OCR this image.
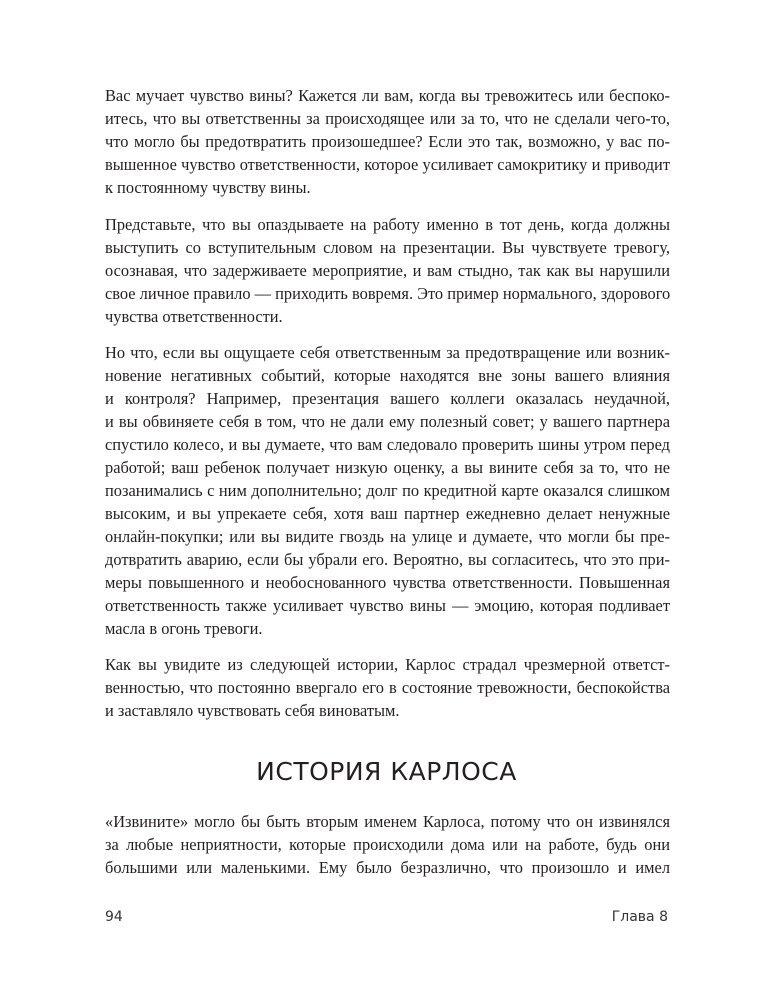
Вас мучает чувство вины? Кажется ли вам, когда вы тревожитесь или беспоко-
итесь, что вы ответственны за происходящее или за то, что не сделали чего-то,
что могло бы предотвратить произошедшее? Если это так, возможно, у вас по-
вышенное чувство ответственности, которое усиливает самокритику и приводит
к постоянному чувству вины.
Представьте, что вы опаздываете на работу именно в тот день, когда должны
выступить со вступительным словом на презентации. Вы чувствуете тревогу,
осознавая, что задерживаете мероприятие, и вам стыдно, так как вы нарушили
свое личное правило — приходить вовремя. Это пример нормального, здорового
чувства ответственности.
Но что, если вы ощущаете себя ответственным за предотвращение или возник-
новение негативных событий, которые находятся вне зоны вашего влияния
и контроля? Например, презентация вашего коллеги оказалась неудачной,
и вы обвиняете себя в том, что не дали ему полезный совет; у вашего партнера
спустило колесо, и вы думаете, что вам следовало проверить шины утром перед
работой; ваш ребенок получает низкую оценку, а вы вините себя за то, что не
позанимались с ним дополнительно; долг по кредитной карте оказался слишком
высоким, и вы упрекаете себя, хотя ваш партнер ежедневно делает ненужные
онлайн-покупки; или вы видите гвоздь на улице и думаете, что могли бы пре-
дотвратить аварию, если бы убрали его. Вероятно, вы согласитесь, что это при-
меры повышенного и необоснованного чувства ответственности. Повышенная
ответственность также усиливает чувство вины — эмоцию, которая подливает
масла в огонь тревоги.
Как вы увидите из следующей истории, Карлос страдал чрезмерной ответст-
венностью, что постоянно ввергало его в состояние тревожности, беспокойства
и заставляло чувствовать себя виноватым.
ИСТОРИЯ КАРЛОСА
«Извините» могло бы быть вторым именем Карлоса, потому что он извинялся
за любые неприятности, которые происходили дома или на работе, будь они
большими или маленькими. Ему было безразлично, что произошло и имел
94	Глава 8
